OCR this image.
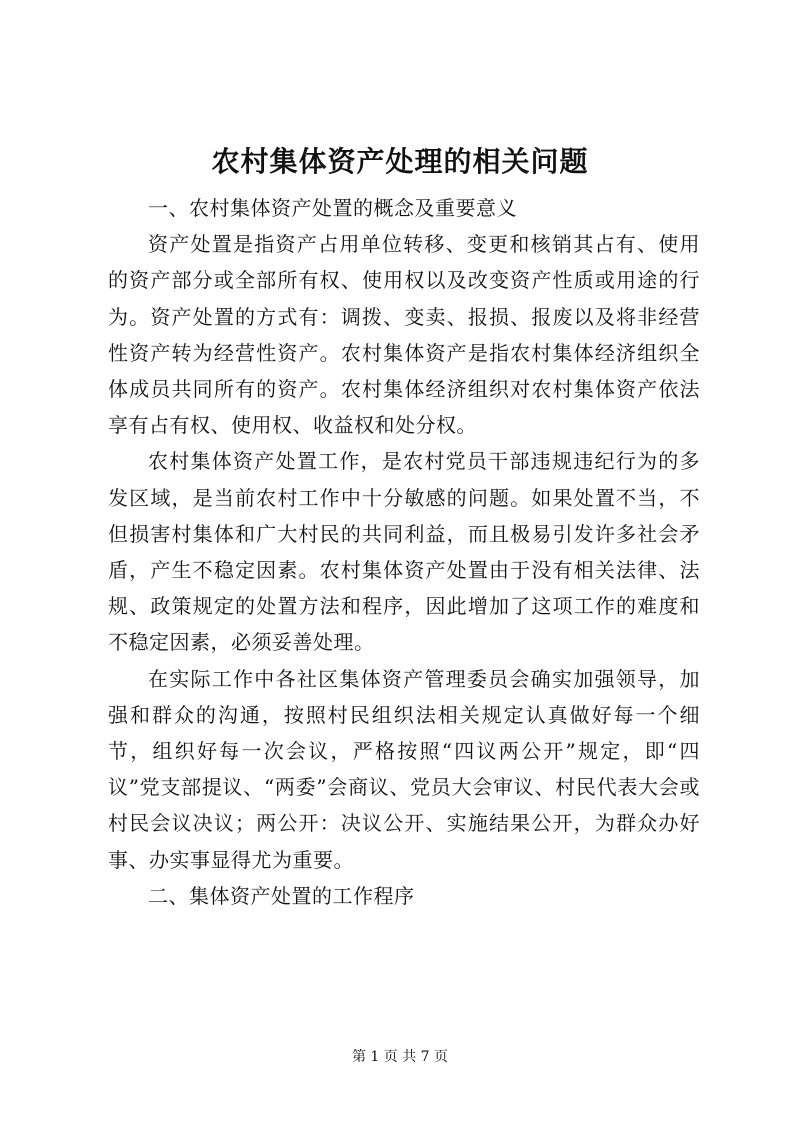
农村集体资产处理的相关问题

一、农村集体资产处置的概念及重要意义

资产处置是指资产占用单位转移、变更和核销其占有、使用的资产部分或全部所有权、使用权以及改变资产性质或用途的行为。资产处置的方式有：调拨、变卖、报损、报废以及将非经营性资产转为经营性资产。农村集体资产是指农村集体经济组织全体成员共同所有的资产。农村集体经济组织对农村集体资产依法享有占有权、使用权、收益权和处分权。

农村集体资产处置工作，是农村党员干部违规违纪行为的多发区域，是当前农村工作中十分敏感的问题。如果处置不当，不但损害村集体和广大村民的共同利益，而且极易引发许多社会矛盾，产生不稳定因素。农村集体资产处置由于没有相关法律、法规、政策规定的处置方法和程序，因此增加了这项工作的难度和不稳定因素，必须妥善处理。

在实际工作中各社区集体资产管理委员会确实加强领导，加强和群众的沟通，按照村民组织法相关规定认真做好每一个细节，组织好每一次会议，严格按照“四议两公开”规定，即“四议”党支部提议、“两委”会商议、党员大会审议、村民代表大会或村民会议决议；两公开：决议公开、实施结果公开，为群众办好事、办实事显得尤为重要。

二、集体资产处置的工作程序

第 1 页 共 7 页
